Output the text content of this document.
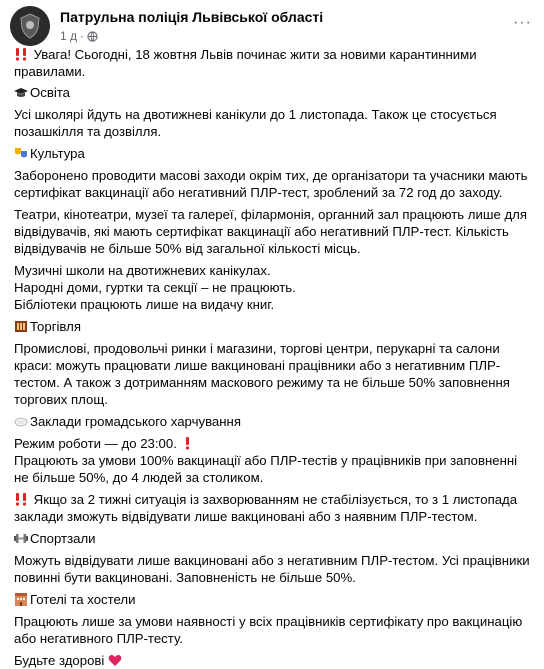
Патрульна поліція Львівської області
1 д ·
···

Увага! Сьогодні, 18 жовтня Львів починає жити за новими карантинними правилами.

Освіта

Усі школярі йдуть на двотижневі канікули до 1 листопада. Також це стосується позашкілля та дозвілля.

Культура

Заборонено проводити масові заходи окрім тих, де організатори та учасники мають сертифікат вакцинації або негативний ПЛР-тест, зроблений за 72 год до заходу.

Театри, кінотеатри, музеї та галереї, філармонія, органний зал працюють лише для відвідувачів, які мають сертифікат вакцинації або негативний ПЛР-тест. Кількість відвідувачів не більше 50% від загальної кількості місць.

Музичні школи на двотижневих канікулах.

Народні доми, гуртки та секції – не працюють.

Бібліотеки працюють лише на видачу книг.

Торгівля

Промислові, продовольчі ринки і магазини, торгові центри, перукарні та салони краси: можуть працювати лише вакциновані працівники або з негативним ПЛР-тестом. А також з дотриманням маскового режиму та не більше 50% заповнення торгових площ.

Заклади громадського харчування

Режим роботи — до 23:00.

Працюють за умови 100% вакцинації або ПЛР-тестів у працівників при заповненні не більше 50%, до 4 людей за столиком.

Якщо за 2 тижні ситуація із захворюванням не стабілізується, то з 1 листопада заклади зможуть відвідувати лише вакциновані або з наявним ПЛР-тестом.

Спортзали

Можуть відвідувати лише вакциновані або з негативним ПЛР-тестом. Усі працівники повинні бути вакциновані. Заповненість не більше 50%.

Готелі та хостели

Працюють лише за умови наявності у всіх працівників сертифікату про вакцинацію або негативного ПЛР-тесту.

Будьте здорові
